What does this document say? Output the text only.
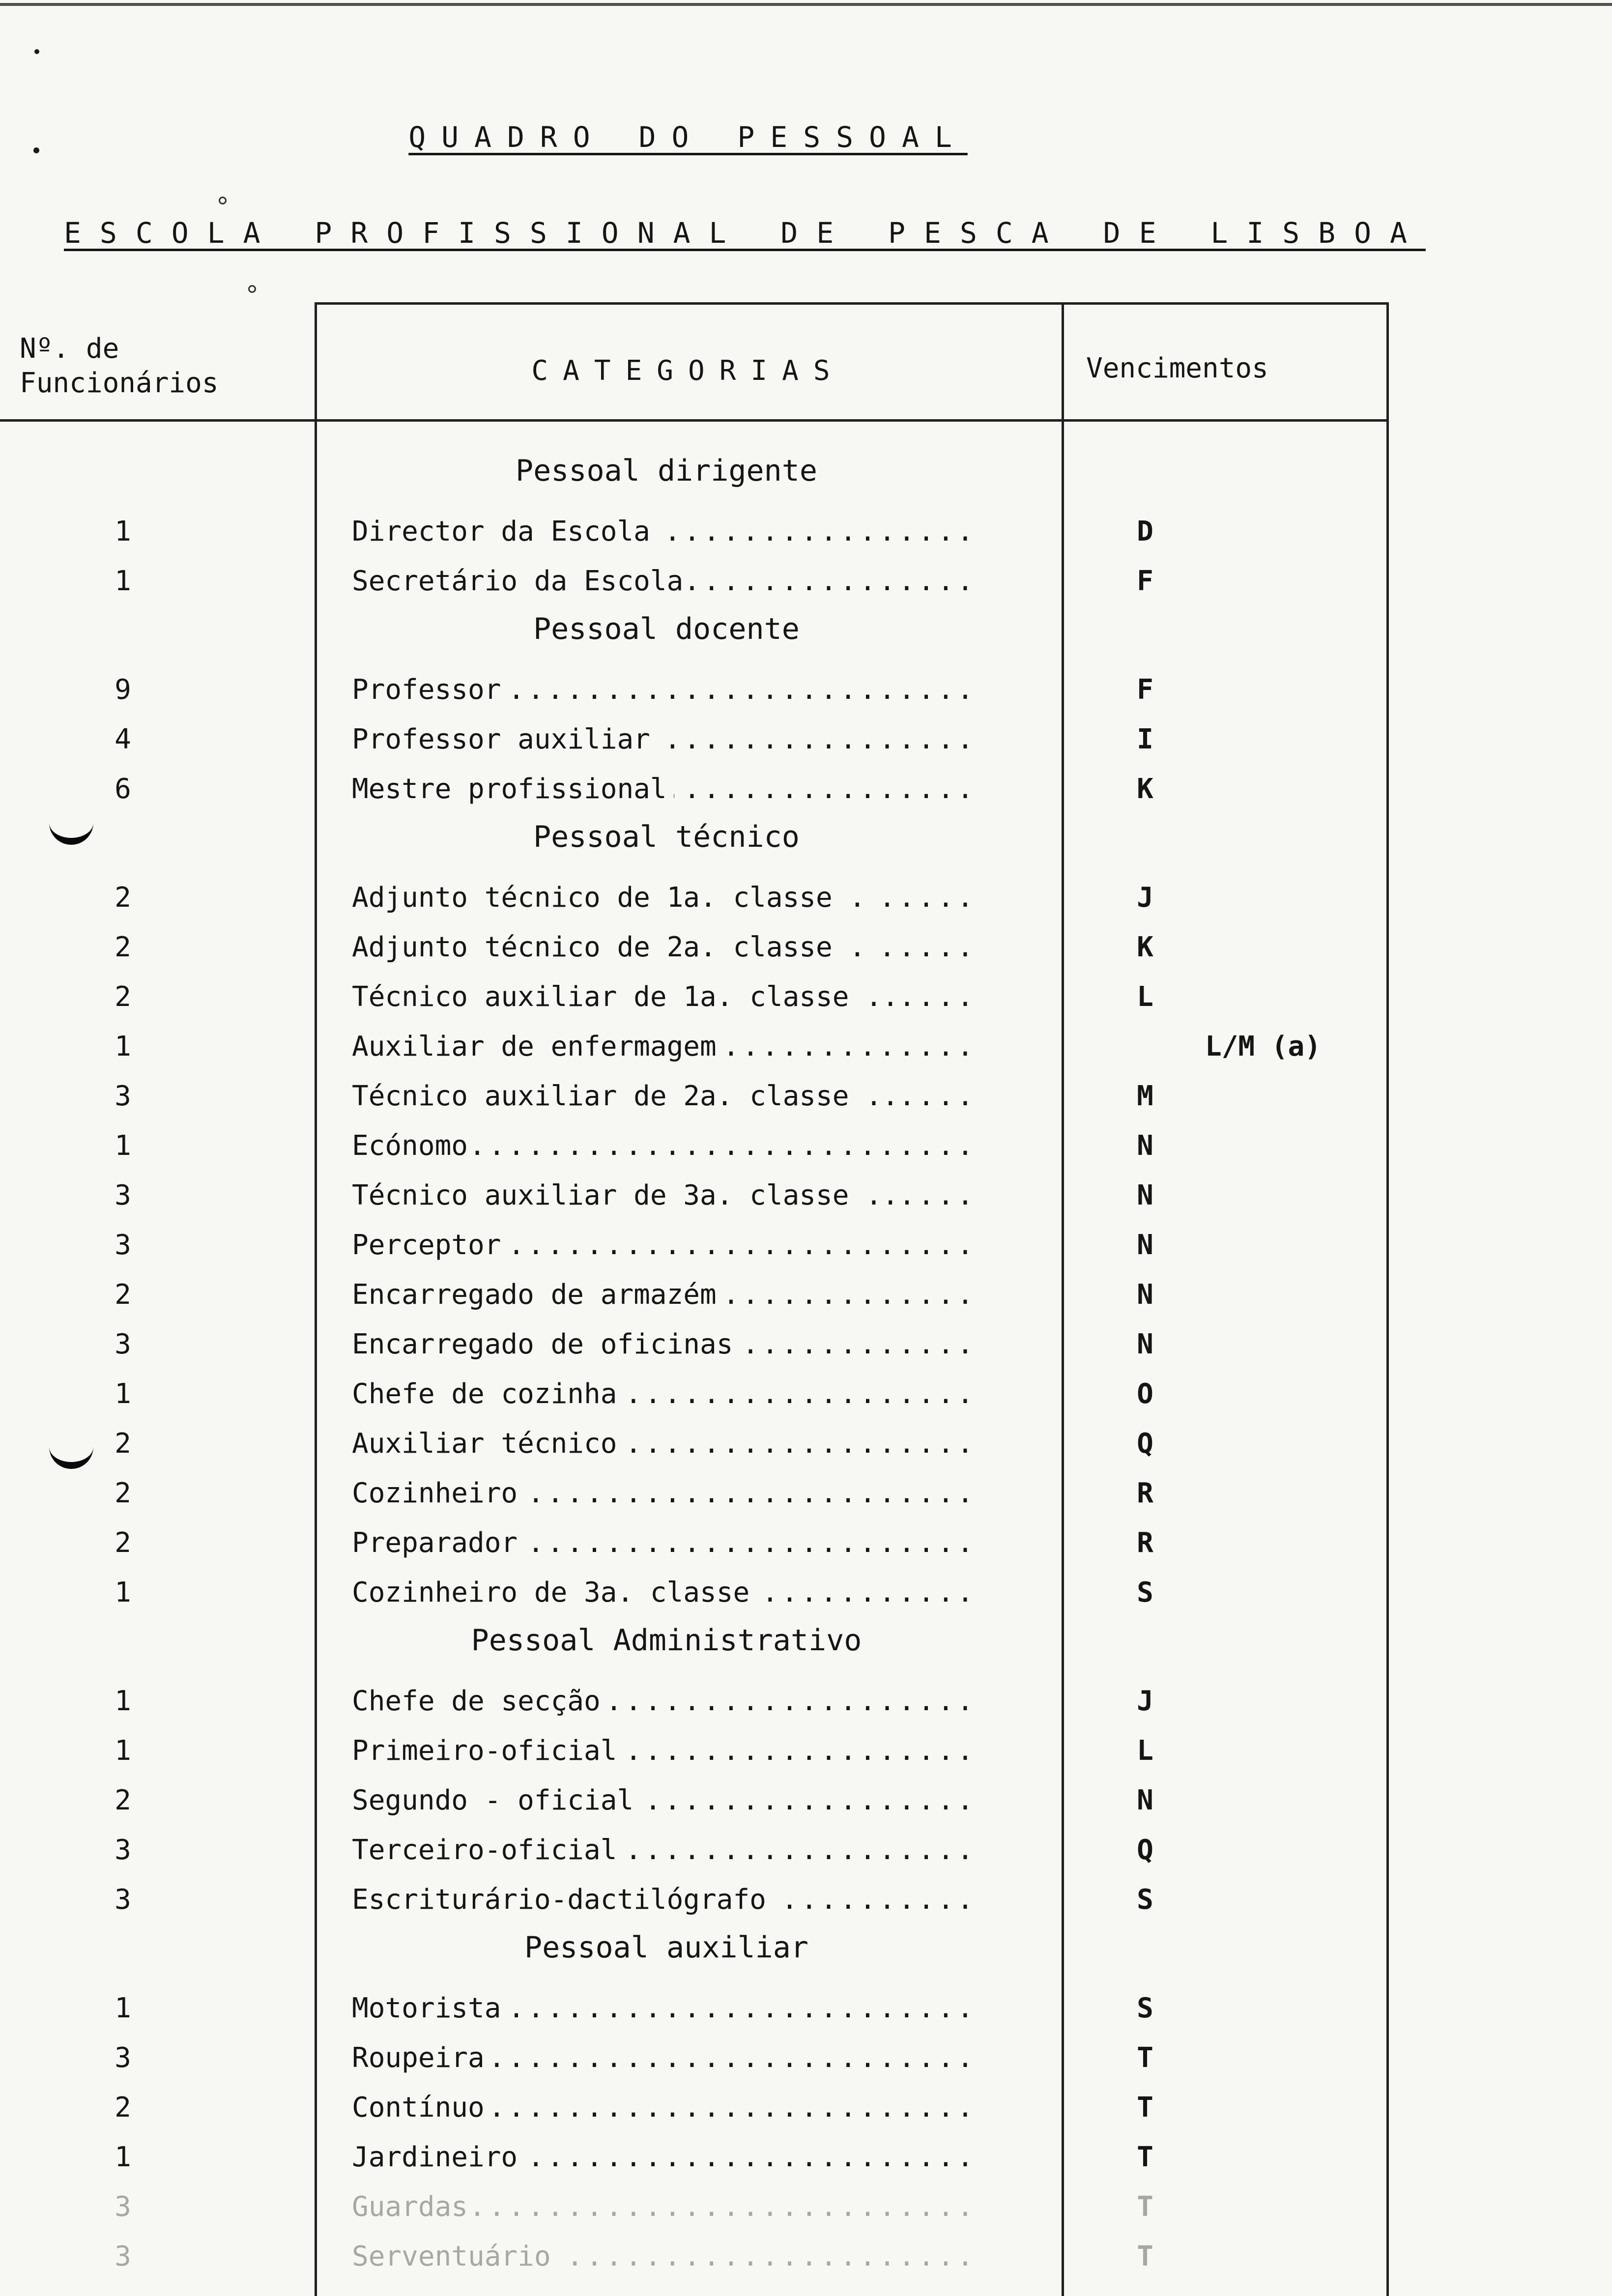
QUADRO DO PESSOAL
ESCOLA PROFISSIONAL DE PESCA DE LISBOA
Nº. de Funcionários	CATEGORIAS	Vencimentos
Pessoal dirigente
1	Director da Escola .....	D
1	Secretário da Escola .....	F
Pessoal docente
9	Professor .....	F
4	Professor auxiliar .....	I
6	Mestre profissional .....	K
Pessoal técnico
2	Adjunto técnico de 1a. classe . .....	J
2	Adjunto técnico de 2a. classe . .....	K
2	Técnico auxiliar de 1a. classe ... .....	L
1	Auxiliar de enfermagem .....	L/M (a)
3	Técnico auxiliar de 2a. classe ... .....	M
1	Ecónomo .....	N
3	Técnico auxiliar de 3a. classe ... .....	N
3	Perceptor .....	N
2	Encarregado de armazém .....	N
3	Encarregado de oficinas .....	N
1	Chefe de cozinha .....	O
2	Auxiliar técnico .....	Q
2	Cozinheiro .....	R
2	Preparador .....	R
1	Cozinheiro de 3a. classe .....	S
Pessoal Administrativo
1	Chefe de secção .....	J
1	Primeiro-oficial .....	L
2	Segundo - oficial .....	N
3	Terceiro-oficial .....	Q
3	Escriturário-dactilógrafo .....	S
Pessoal auxiliar
1	Motorista .....	S
3	Roupeira .....	T
2	Contínuo .....	T
1	Jardineiro .....	T
3	Guardas .....	T
3	Serventuário .....	T
